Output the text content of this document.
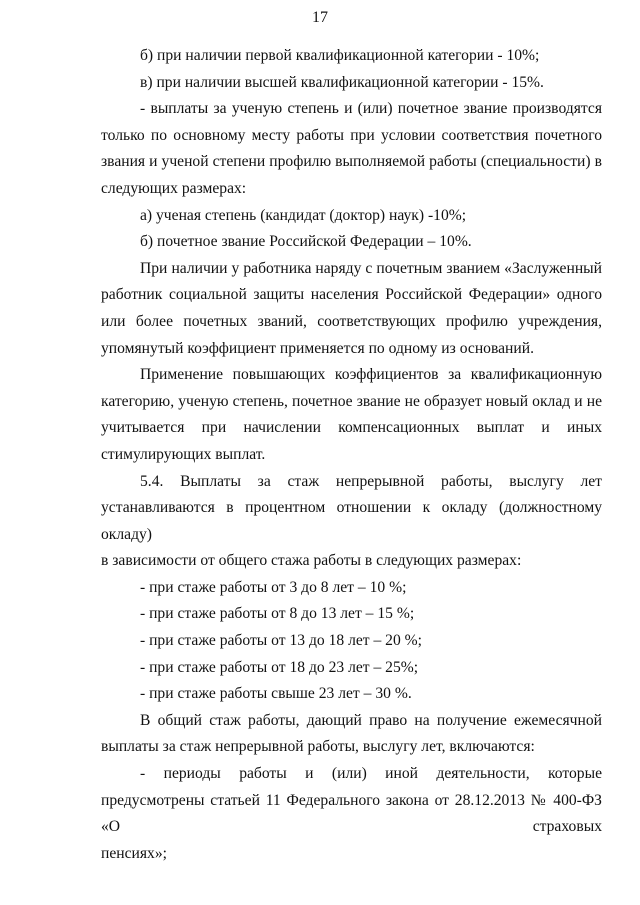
17

б) при наличии первой квалификационной категории - 10%;

в) при наличии высшей квалификационной категории - 15%.

- выплаты за ученую степень и (или) почетное звание производятся только по основному месту работы при условии соответствия почетного звания и ученой степени профилю выполняемой работы (специальности) в
следующих размерах:

а) ученая степень (кандидат (доктор) наук) -10%;

б) почетное звание Российской Федерации – 10%.

При наличии у работника наряду с почетным званием «Заслуженный работник социальной защиты населения Российской Федерации» одного или более почетных званий, соответствующих профилю учреждения,
упомянутый коэффициент применяется по одному из оснований.

Применение повышающих коэффициентов за квалификационную категорию, ученую степень, почетное звание не образует новый оклад и не учитывается при начислении компенсационных выплат и иных
стимулирующих выплат.

5.4. Выплаты за стаж непрерывной работы, выслугу лет устанавливаются в процентном отношении к окладу (должностному окладу)
в зависимости от общего стажа работы в следующих размерах:

- при стаже работы от 3 до 8 лет – 10 %;

- при стаже работы от 8 до 13 лет – 15 %;

- при стаже работы от 13 до 18 лет – 20 %;

- при стаже работы от 18 до 23 лет – 25%;

- при стаже работы свыше 23 лет – 30 %.

В общий стаж работы, дающий право на получение ежемесячной
выплаты за стаж непрерывной работы, выслугу лет, включаются:

- периоды работы и (или) иной деятельности, которые предусмотрены статьей 11 Федерального закона от 28.12.2013 № 400-ФЗ «О страховых
пенсиях»;
